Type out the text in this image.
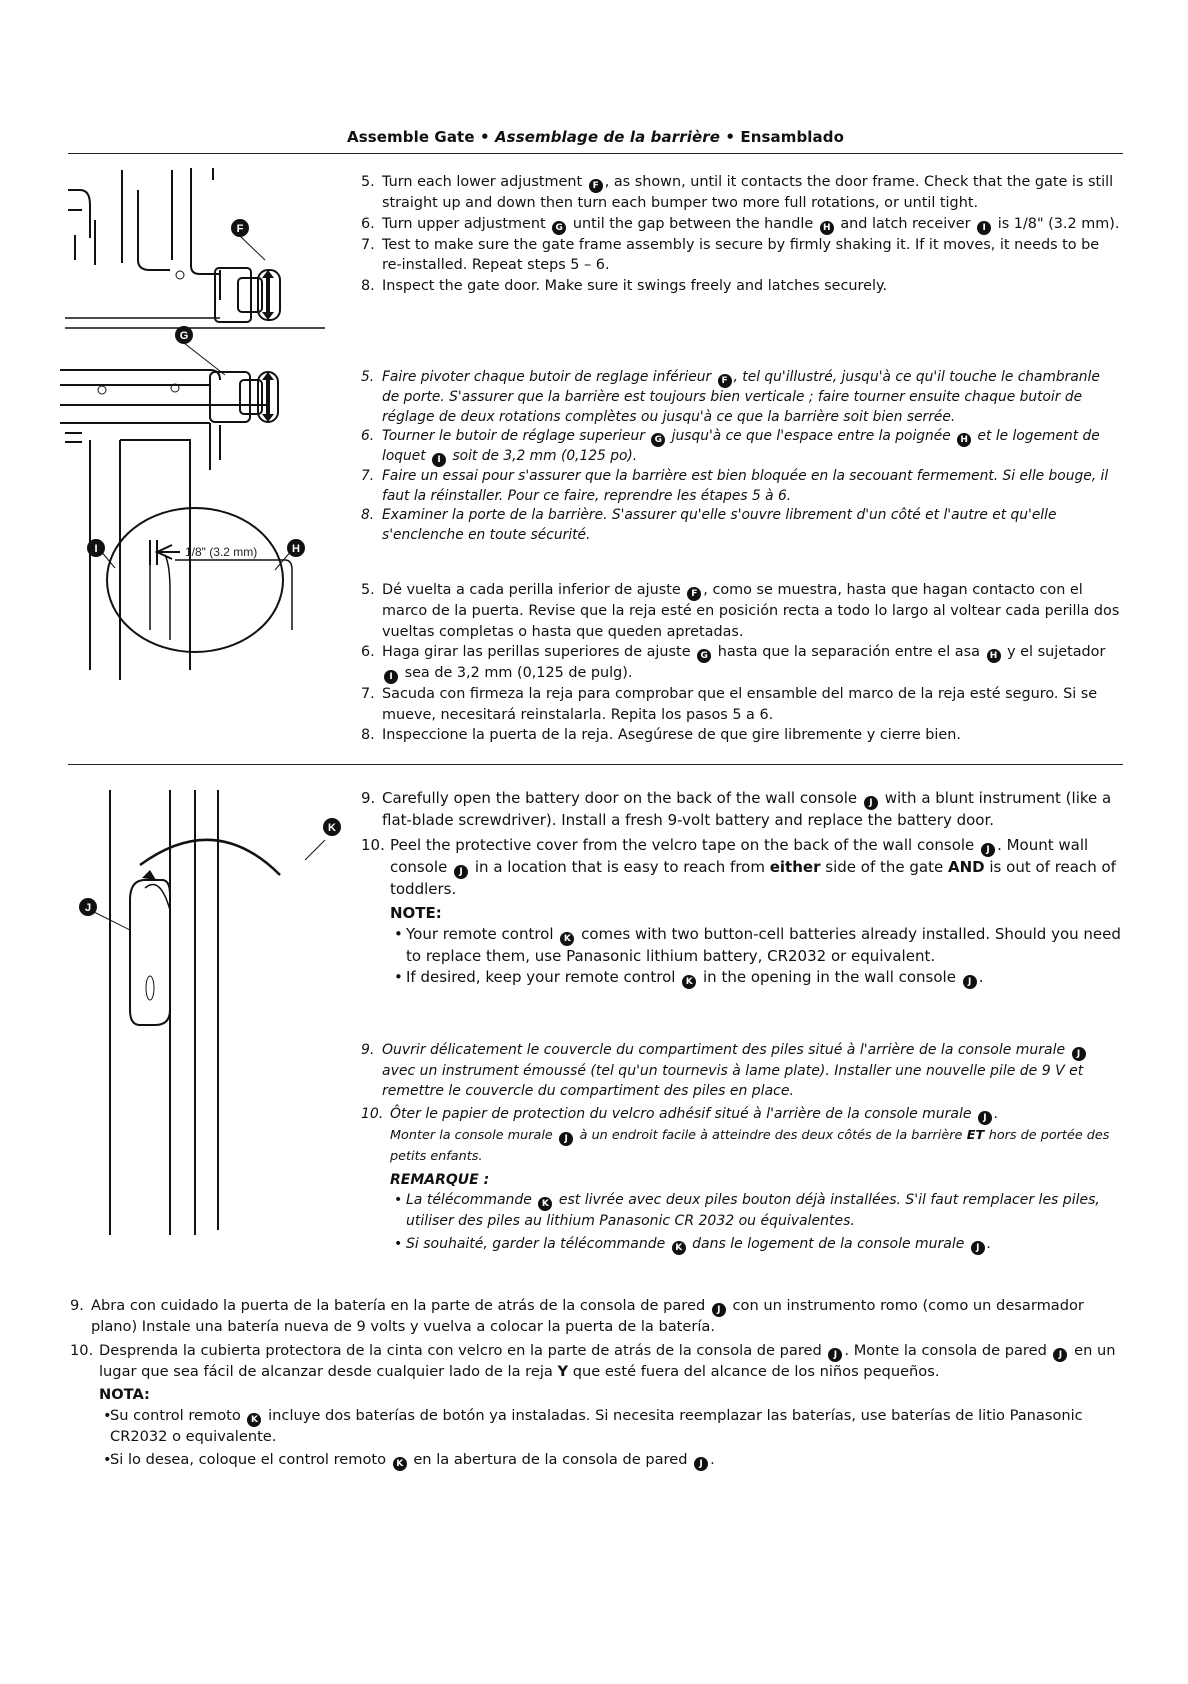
Assemble Gate • Assemblage de la barrière • Ensamblado
F
G
H
I	1/8" (3.2 mm)
5. Turn each lower adjustment F , as shown, until it contacts the door frame. Check that the gate is still straight up and down then turn each bumper two more full rotations, or until tight.
6. Turn upper adjustment G until the gap between the handle H and latch receiver I is 1/8" (3.2 mm).
7. Test to make sure the gate frame assembly is secure by firmly shaking it. If it moves, it needs to be re-installed. Repeat steps 5 – 6.
8. Inspect the gate door. Make sure it swings freely and latches securely.
5. Faire pivoter chaque butoir de reglage inférieur F , tel qu'illustré, jusqu'à ce qu'il touche le chambranle de porte. S'assurer que la barrière est toujours bien verticale ; faire tourner ensuite chaque butoir de réglage de deux rotations complètes ou jusqu'à ce que la barrière soit bien serrée.
6. Tourner le butoir de réglage superieur G jusqu'à ce que l'espace entre la poignée H et le logement de loquet I soit de 3,2 mm (0,125 po).
7. Faire un essai pour s'assurer que la barrière est bien bloquée en la secouant fermement. Si elle bouge, il faut la réinstaller. Pour ce faire, reprendre les étapes 5 à 6.
8. Examiner la porte de la barrière. S'assurer qu'elle s'ouvre librement d'un côté et l'autre et qu'elle s'enclenche en toute sécurité.
5. Dé vuelta a cada perilla inferior de ajuste F , como se muestra, hasta que hagan contacto con el marco de la puerta. Revise que la reja esté en posición recta a todo lo largo al voltear cada perilla dos vueltas completas o hasta que queden apretadas.
6. Haga girar las perillas superiores de ajuste G hasta que la separación entre el asa H y el sujetador I sea de 3,2 mm (0,125 de pulg).
7. Sacuda con firmeza la reja para comprobar que el ensamble del marco de la reja esté seguro. Si se mueve, necesitará reinstalarla. Repita los pasos 5 a 6.
8. Inspeccione la puerta de la reja. Asegúrese de que gire libremente y cierre bien.
J
K
9. Carefully open the battery door on the back of the wall console J with a blunt instrument (like a flat-blade screwdriver). Install a fresh 9-volt battery and replace the battery door.
10. Peel the protective cover from the velcro tape on the back of the wall console J . Mount wall console J in a location that is easy to reach from either side of the gate AND is out of reach of toddlers.
NOTE:
• Your remote control K comes with two button-cell batteries already installed. Should you need to replace them, use Panasonic lithium battery, CR2032 or equivalent.
• If desired, keep your remote control K in the opening in the wall console J .
9. Ouvrir délicatement le couvercle du compartiment des piles situé à l'arrière de la console murale J avec un instrument émoussé (tel qu'un tournevis à lame plate). Installer une nouvelle pile de 9 V et remettre le couvercle du compartiment des piles en place.
10. Ôter le papier de protection du velcro adhésif situé à l'arrière de la console murale J .
Monter la console murale J à un endroit facile à atteindre des deux côtés de la barrière ET hors de portée des petits enfants.
REMARQUE :
• La télécommande K est livrée avec deux piles bouton déjà installées. S'il faut remplacer les piles, utiliser des piles au lithium Panasonic CR 2032 ou équivalentes.
• Si souhaité, garder la télécommande K dans le logement de la console murale J .
9. Abra con cuidado la puerta de la batería en la parte de atrás de la consola de pared J con un instrumento romo (como un desarmador plano) Instale una batería nueva de 9 volts y vuelva a colocar la puerta de la batería.
10. Desprenda la cubierta protectora de la cinta con velcro en la parte de atrás de la consola de pared J . Monte la consola de pared J en un lugar que sea fácil de alcanzar desde cualquier lado de la reja Y que esté fuera del alcance de los niños pequeños.
NOTA:
• Su control remoto K incluye dos baterías de botón ya instaladas. Si necesita reemplazar las baterías, use baterías de litio Panasonic CR2032 o equivalente.
• Si lo desea, coloque el control remoto K en la abertura de la consola de pared J .
